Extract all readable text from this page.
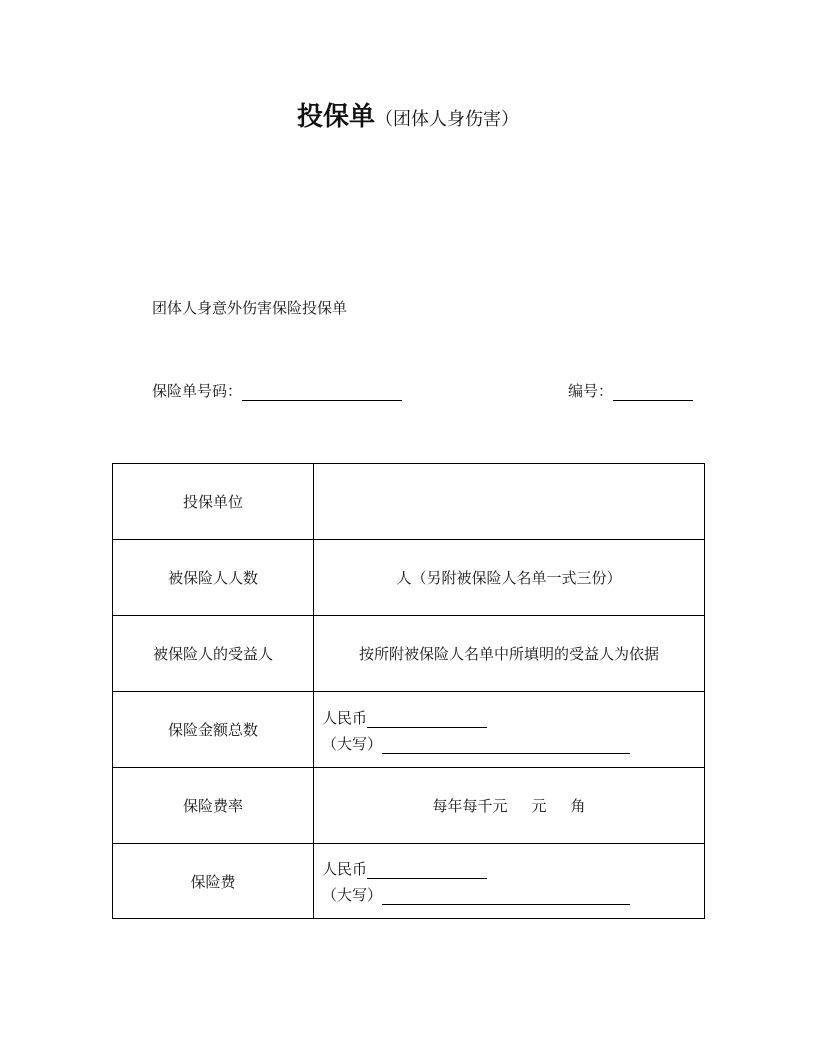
投保单（团体人身伤害）
团体人身意外伤害保险投保单
保险单号码：	编号：
投保单位	
被保险人人数	人（另附被保险人名单一式三份）
被保险人的受益人	按所附被保险人名单中所填明的受益人为依据
保险金额总数	人民币
（大写）

保险费率	每年每千元 元 角
保险费	人民币
（大写）
